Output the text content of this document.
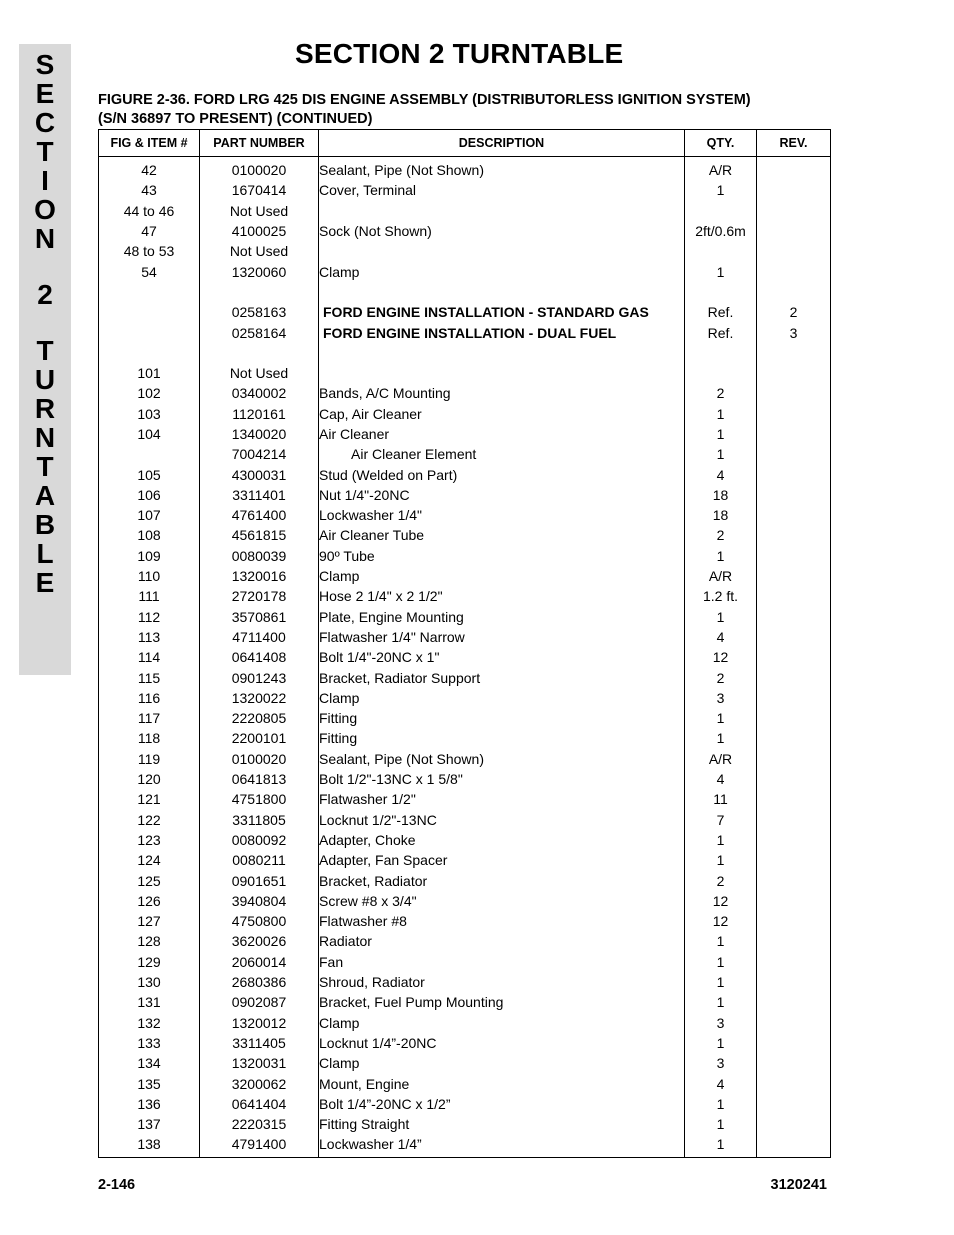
S
E
C
T
I
O
N
2
T
U
R
N
T
A
B
L
E
SECTION 2 TURNTABLE
FIGURE 2-36. FORD LRG 425 DIS ENGINE ASSEMBLY (DISTRIBUTORLESS IGNITION SYSTEM)
(S/N 36897 TO PRESENT) (CONTINUED)
FIG & ITEM #	PART NUMBER	DESCRIPTION	QTY.	REV.
42	0100020	Sealant, Pipe (Not Shown)	A/R	
43	1670414	Cover, Terminal	1	
44 to 46	Not Used			
47	4100025	Sock (Not Shown)	2ft/0.6m	
48 to 53	Not Used			
54	1320060	Clamp	1	

	0258163	FORD ENGINE INSTALLATION - STANDARD GAS	Ref.	2
	0258164	FORD ENGINE INSTALLATION - DUAL FUEL	Ref.	3

101	Not Used			
102	0340002	Bands, A/C Mounting	2	
103	1120161	Cap, Air Cleaner	1	
104	1340020	Air Cleaner	1	
	7004214	Air Cleaner Element	1	
105	4300031	Stud (Welded on Part)	4	
106	3311401	Nut 1/4"-20NC	18	
107	4761400	Lockwasher 1/4"	18	
108	4561815	Air Cleaner Tube	2	
109	0080039	90º Tube	1	
110	1320016	Clamp	A/R	
111	2720178	Hose 2 1/4" x 2 1/2"	1.2 ft.	
112	3570861	Plate, Engine Mounting	1	
113	4711400	Flatwasher 1/4" Narrow	4	
114	0641408	Bolt 1/4"-20NC x 1"	12	
115	0901243	Bracket, Radiator Support	2	
116	1320022	Clamp	3	
117	2220805	Fitting	1	
118	2200101	Fitting	1	
119	0100020	Sealant, Pipe (Not Shown)	A/R	
120	0641813	Bolt 1/2"-13NC x 1 5/8"	4	
121	4751800	Flatwasher 1/2"	11	
122	3311805	Locknut 1/2"-13NC	7	
123	0080092	Adapter, Choke	1	
124	0080211	Adapter, Fan Spacer	1	
125	0901651	Bracket, Radiator	2	
126	3940804	Screw #8 x 3/4"	12	
127	4750800	Flatwasher #8	12	
128	3620026	Radiator	1	
129	2060014	Fan	1	
130	2680386	Shroud, Radiator	1	
131	0902087	Bracket, Fuel Pump Mounting	1	
132	1320012	Clamp	3	
133	3311405	Locknut 1/4”-20NC	1	
134	1320031	Clamp	3	
135	3200062	Mount, Engine	4	
136	0641404	Bolt 1/4”-20NC x 1/2”	1	
137	2220315	Fitting Straight	1	
138	4791400	Lockwasher 1/4”	1	
2-146	3120241
